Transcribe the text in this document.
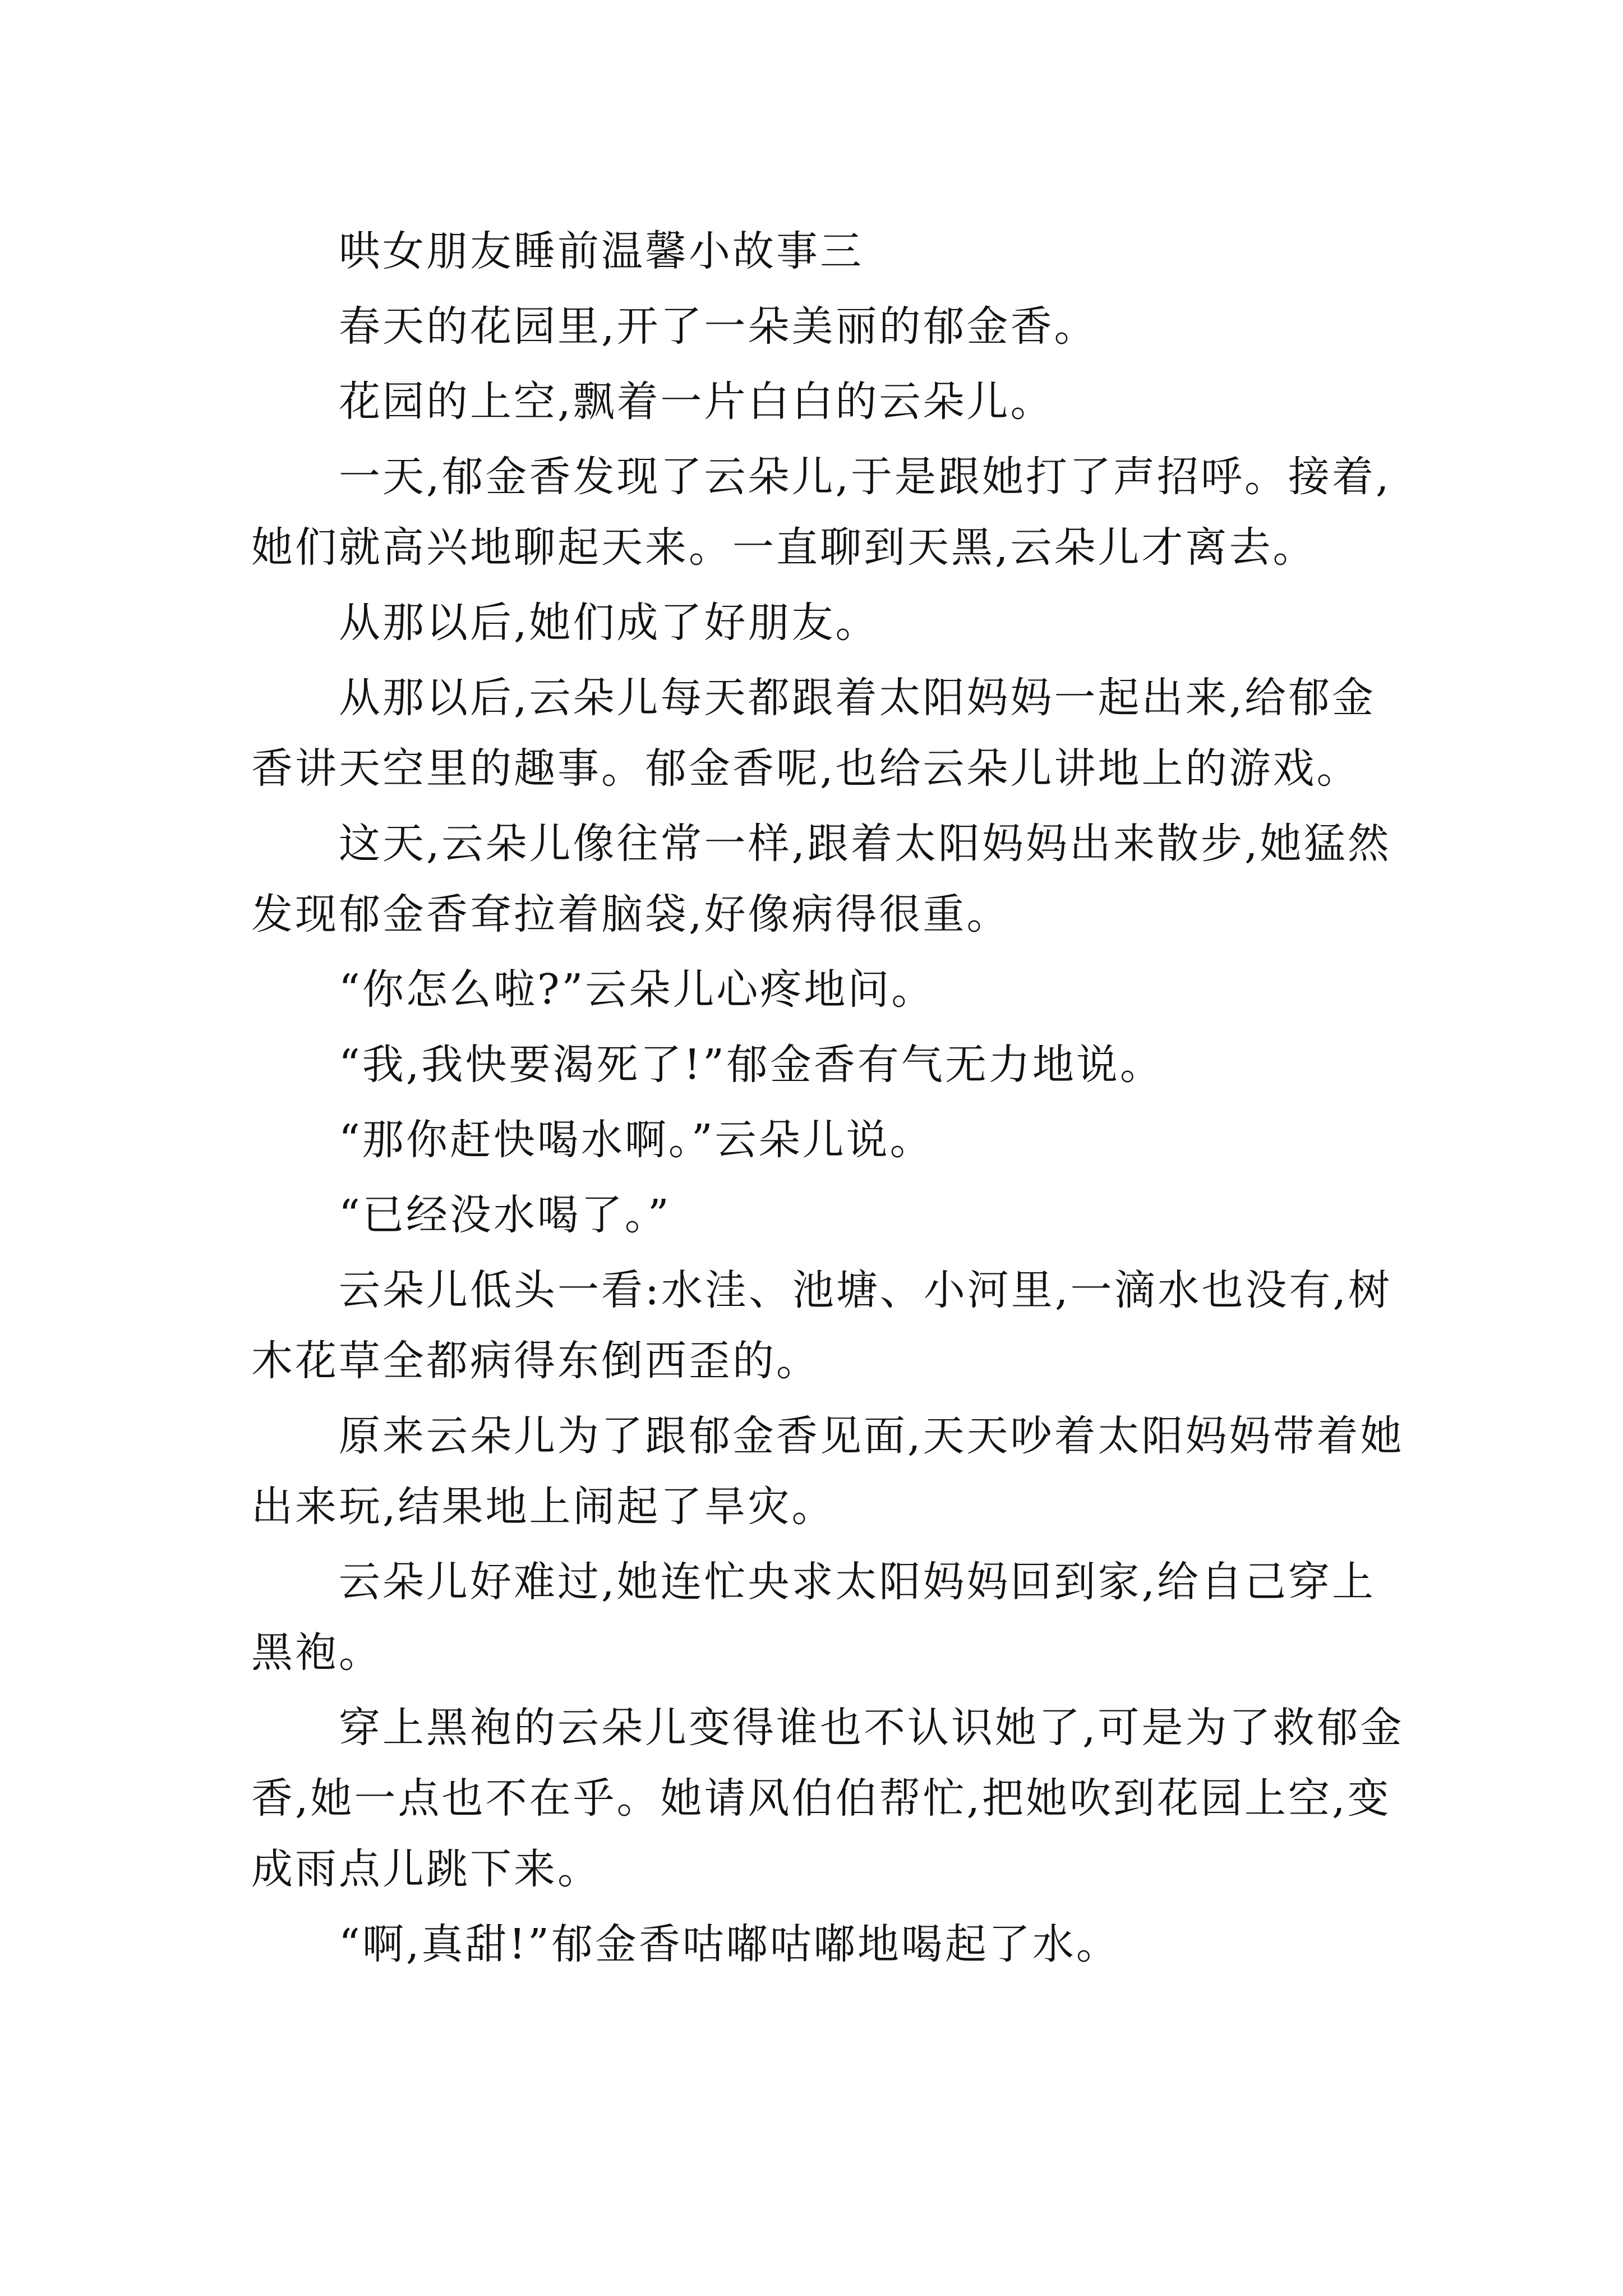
哄女朋友睡前温馨小故事三

春天的花园里,开了一朵美丽的郁金香。

花园的上空,飘着一片白白的云朵儿。

一天,郁金香发现了云朵儿,于是跟她打了声招呼。接着,她们就高兴地聊起天来。一直聊到天黑,云朵儿才离去。

从那以后,她们成了好朋友。

从那以后,云朵儿每天都跟着太阳妈妈一起出来,给郁金香讲天空里的趣事。郁金香呢,也给云朵儿讲地上的游戏。

这天,云朵儿像往常一样,跟着太阳妈妈出来散步,她猛然发现郁金香耷拉着脑袋,好像病得很重。

“你怎么啦?”云朵儿心疼地问。

“我,我快要渴死了!”郁金香有气无力地说。

“那你赶快喝水啊。”云朵儿说。

“已经没水喝了。”

云朵儿低头一看:水洼、池塘、小河里,一滴水也没有,树木花草全都病得东倒西歪的。

原来云朵儿为了跟郁金香见面,天天吵着太阳妈妈带着她出来玩,结果地上闹起了旱灾。

云朵儿好难过,她连忙央求太阳妈妈回到家,给自己穿上黑袍。

穿上黑袍的云朵儿变得谁也不认识她了,可是为了救郁金香,她一点也不在乎。她请风伯伯帮忙,把她吹到花园上空,变成雨点儿跳下来。

“啊,真甜!”郁金香咕嘟咕嘟地喝起了水。
